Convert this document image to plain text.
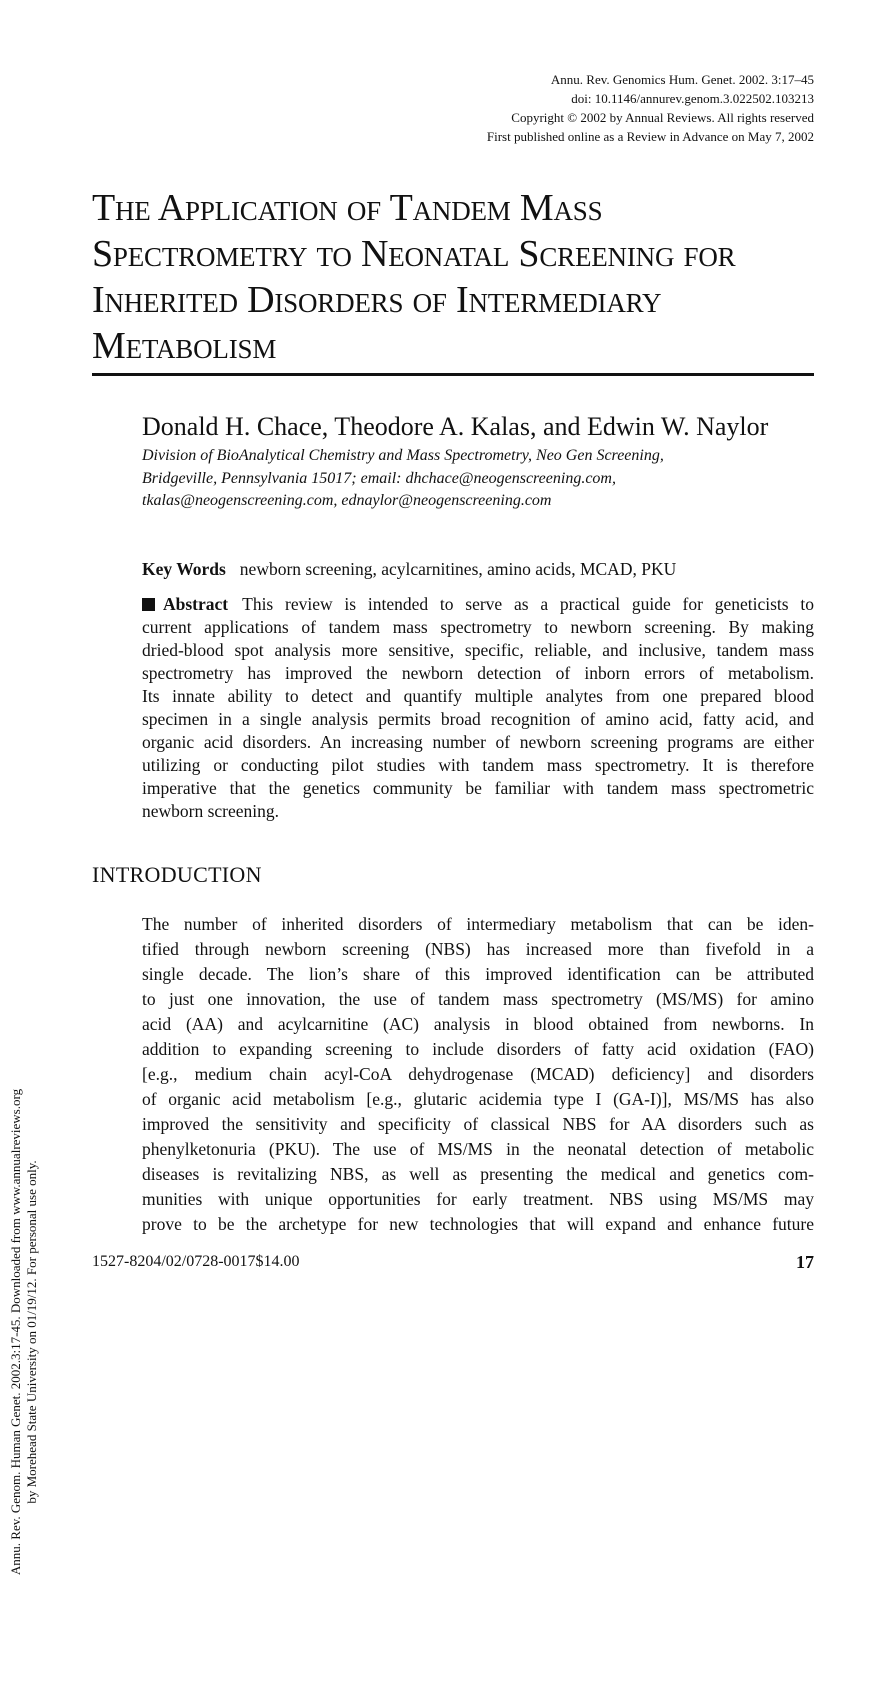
Annu. Rev. Genomics Hum. Genet. 2002. 3:17–45
doi: 10.1146/annurev.genom.3.022502.103213
Copyright © 2002 by Annual Reviews. All rights reserved
First published online as a Review in Advance on May 7, 2002
The Application of Tandem Mass
Spectrometry to Neonatal Screening for
Inherited Disorders of Intermediary
Metabolism
Donald H. Chace, Theodore A. Kalas, and Edwin W. Naylor
Division of BioAnalytical Chemistry and Mass Spectrometry, Neo Gen Screening,
Bridgeville, Pennsylvania 15017; email: dhchace@neogenscreening.com,
tkalas@neogenscreening.com, ednaylor@neogenscreening.com
Key Words newborn screening, acylcarnitines, amino acids, MCAD, PKU
Abstract This review is intended to serve as a practical guide for geneticists to
current applications of tandem mass spectrometry to newborn screening. By making
dried-blood spot analysis more sensitive, specific, reliable, and inclusive, tandem mass
spectrometry has improved the newborn detection of inborn errors of metabolism.
Its innate ability to detect and quantify multiple analytes from one prepared blood
specimen in a single analysis permits broad recognition of amino acid, fatty acid, and
organic acid disorders. An increasing number of newborn screening programs are either
utilizing or conducting pilot studies with tandem mass spectrometry. It is therefore
imperative that the genetics community be familiar with tandem mass spectrometric
newborn screening.
INTRODUCTION
The number of inherited disorders of intermediary metabolism that can be iden-
tified through newborn screening (NBS) has increased more than fivefold in a
single decade. The lion’s share of this improved identification can be attributed
to just one innovation, the use of tandem mass spectrometry (MS/MS) for amino
acid (AA) and acylcarnitine (AC) analysis in blood obtained from newborns. In
addition to expanding screening to include disorders of fatty acid oxidation (FAO)
[e.g., medium chain acyl-CoA dehydrogenase (MCAD) deficiency] and disorders
of organic acid metabolism [e.g., glutaric acidemia type I (GA-I)], MS/MS has also
improved the sensitivity and specificity of classical NBS for AA disorders such as
phenylketonuria (PKU). The use of MS/MS in the neonatal detection of metabolic
diseases is revitalizing NBS, as well as presenting the medical and genetics com-
munities with unique opportunities for early treatment. NBS using MS/MS may
prove to be the archetype for new technologies that will expand and enhance future
1527-8204/02/0728-0017$14.00	17
Annu. Rev. Genom. Human Genet. 2002.3:17-45. Downloaded from www.annualreviews.org by Morehead State University on 01/19/12. For personal use only.
